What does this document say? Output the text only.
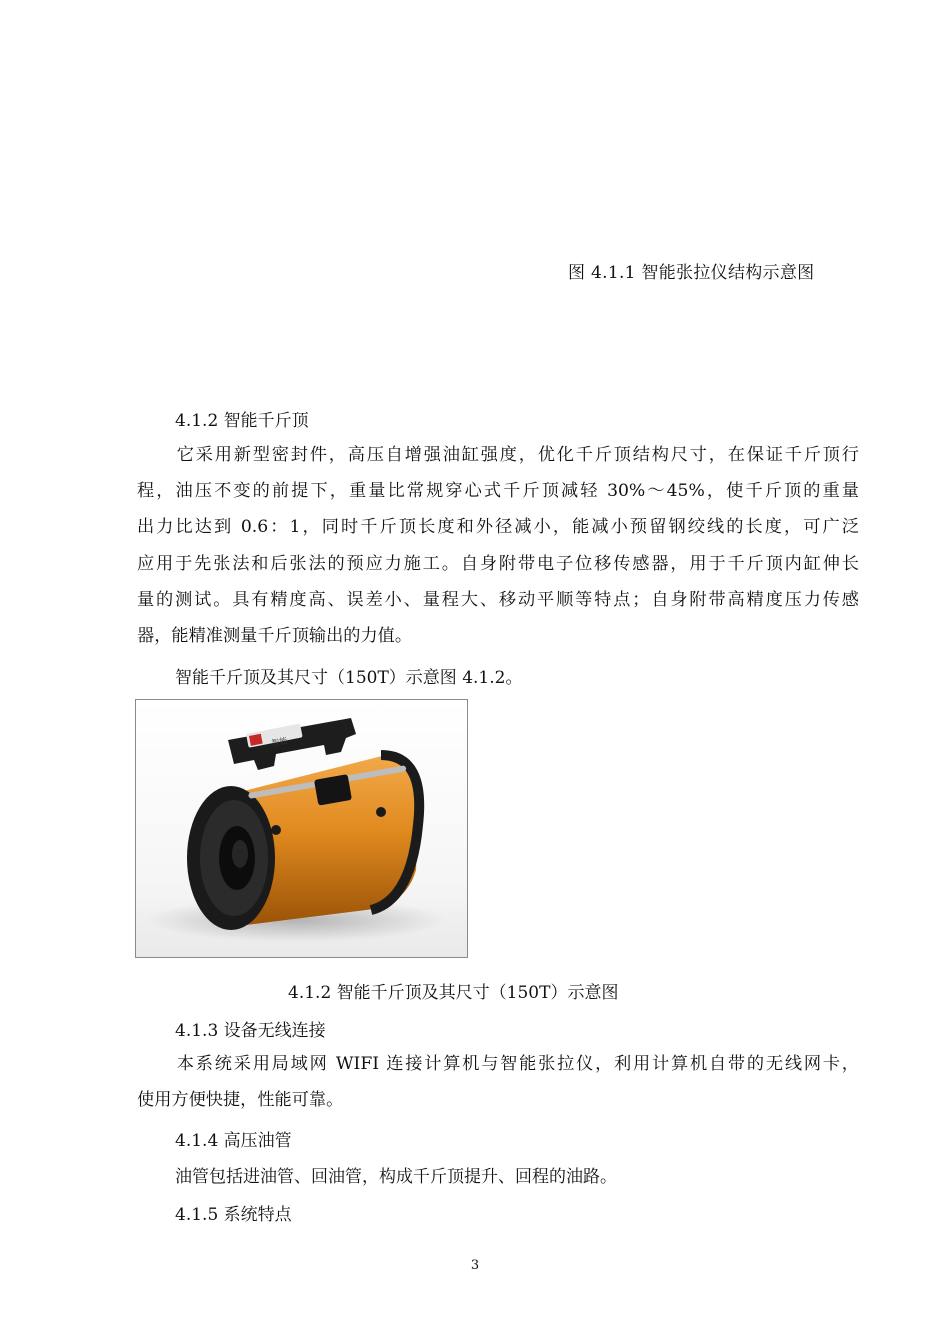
图 4.1.1 智能张拉仪结构示意图
4.1.2 智能千斤顶
它采用新型密封件，高压自增强油缸强度，优化千斤顶结构尺寸，在保证千斤顶行
程，油压不变的前提下，重量比常规穿心式千斤顶减轻 30%～45%，使千斤顶的重量
出力比达到 0.6：1，同时千斤顶长度和外径减小，能减小预留钢绞线的长度，可广泛
应用于先张法和后张法的预应力施工。自身附带电子位移传感器，用于千斤顶内缸伸长
量的测试。具有精度高、误差小、量程大、移动平顺等特点；自身附带高精度压力传感
器，能精准测量千斤顶输出的力值。
智能千斤顶及其尺寸（150T）示意图 4.1.2。
智能
4.1.2 智能千斤顶及其尺寸（150T）示意图
4.1.3 设备无线连接
本系统采用局域网 WIFI 连接计算机与智能张拉仪，利用计算机自带的无线网卡，
使用方便快捷，性能可靠。
4.1.4 高压油管
油管包括进油管、回油管，构成千斤顶提升、回程的油路。
4.1.5 系统特点
3
